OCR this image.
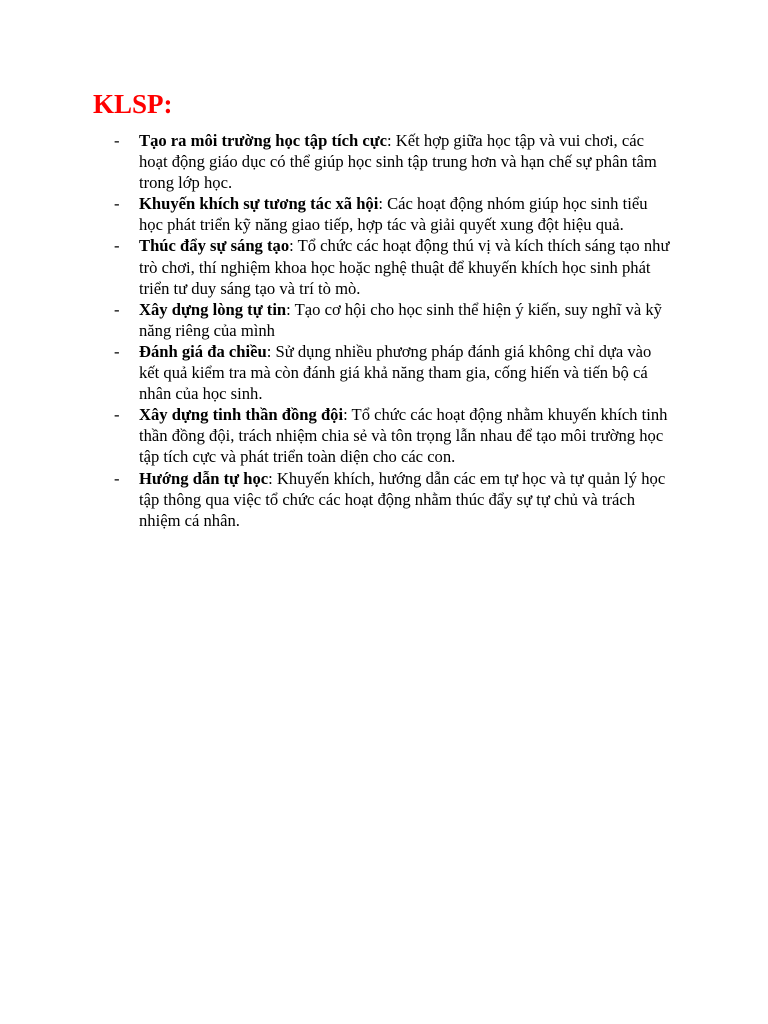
KLSP:
- Tạo ra môi trường học tập tích cực: Kết hợp giữa học tập và vui chơi, các hoạt động giáo dục có thể giúp học sinh tập trung hơn và hạn chế sự phân tâm trong lớp học.
- Khuyến khích sự tương tác xã hội: Các hoạt động nhóm giúp học sinh tiểu học phát triển kỹ năng giao tiếp, hợp tác và giải quyết xung đột hiệu quả.
- Thúc đẩy sự sáng tạo: Tổ chức các hoạt động thú vị và kích thích sáng tạo như trò chơi, thí nghiệm khoa học hoặc nghệ thuật để khuyến khích học sinh phát triển tư duy sáng tạo và trí tò mò.
- Xây dựng lòng tự tin: Tạo cơ hội cho học sinh thể hiện ý kiến, suy nghĩ và kỹ năng riêng của mình
- Đánh giá đa chiều: Sử dụng nhiều phương pháp đánh giá không chỉ dựa vào kết quả kiểm tra mà còn đánh giá khả năng tham gia, cống hiến và tiến bộ cá nhân của học sinh.
- Xây dựng tinh thần đồng đội: Tổ chức các hoạt động nhằm khuyến khích tinh thần đồng đội, trách nhiệm chia sẻ và tôn trọng lẫn nhau để tạo môi trường học tập tích cực và phát triển toàn diện cho các con.
- Hướng dẫn tự học: Khuyến khích, hướng dẫn các em tự học và tự quản lý học tập thông qua việc tổ chức các hoạt động nhằm thúc đẩy sự tự chủ và trách nhiệm cá nhân.
